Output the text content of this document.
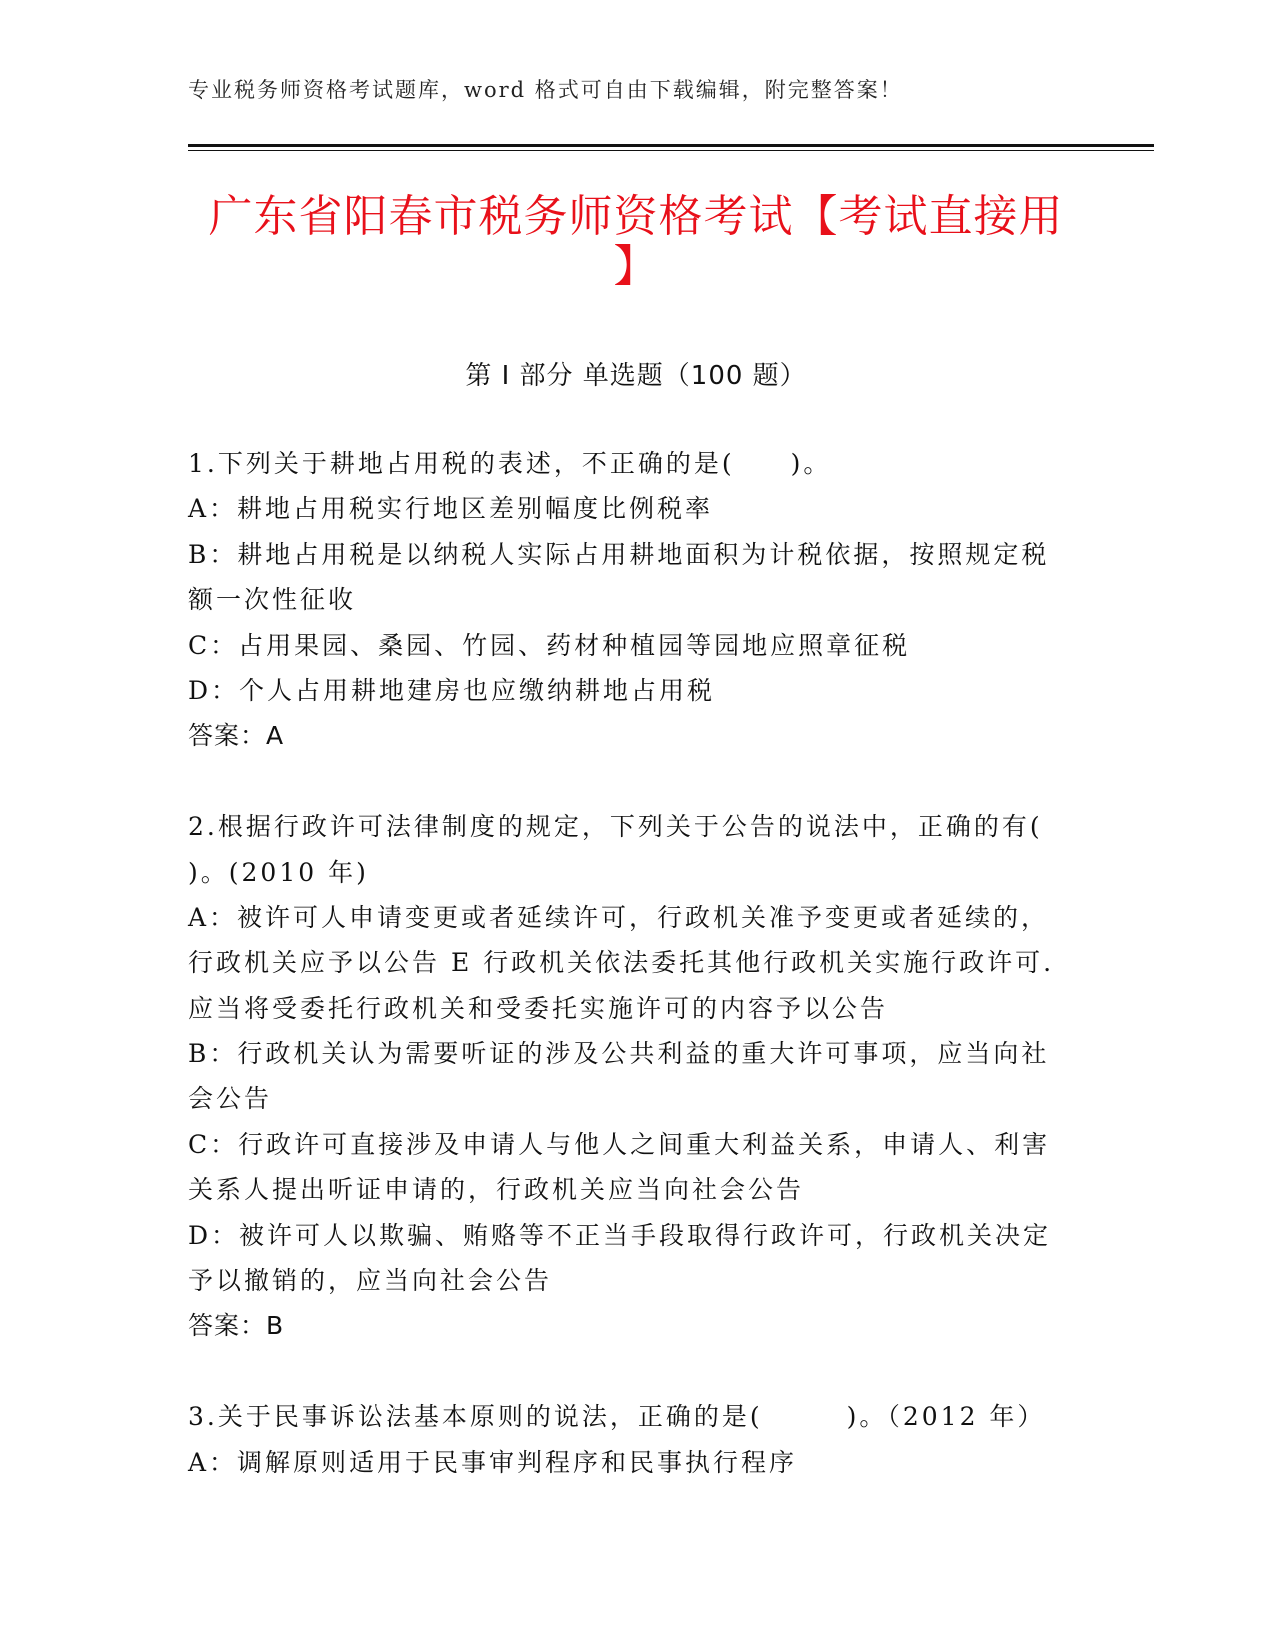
专业税务师资格考试题库，word 格式可自由下载编辑，附完整答案！
广东省阳春市税务师资格考试【考试直接用
】
第 I 部分 单选题（100 题）
1.下列关于耕地占用税的表述，不正确的是(　　)。
A：耕地占用税实行地区差别幅度比例税率
B：耕地占用税是以纳税人实际占用耕地面积为计税依据，按照规定税
额一次性征收
C：占用果园、桑园、竹园、药材种植园等园地应照章征税
D：个人占用耕地建房也应缴纳耕地占用税
答案：A
2.根据行政许可法律制度的规定，下列关于公告的说法中，正确的有(
)。(2010 年)
A：被许可人申请变更或者延续许可，行政机关准予变更或者延续的，
行政机关应予以公告 E 行政机关依法委托其他行政机关实施行政许可.
应当将受委托行政机关和受委托实施许可的内容予以公告
B：行政机关认为需要听证的涉及公共利益的重大许可事项，应当向社
会公告
C：行政许可直接涉及申请人与他人之间重大利益关系，申请人、利害
关系人提出听证申请的，行政机关应当向社会公告
D：被许可人以欺骗、贿赂等不正当手段取得行政许可，行政机关决定
予以撤销的，应当向社会公告
答案：B
3.关于民事诉讼法基本原则的说法，正确的是(　　　)。（2012 年）
A：调解原则适用于民事审判程序和民事执行程序
